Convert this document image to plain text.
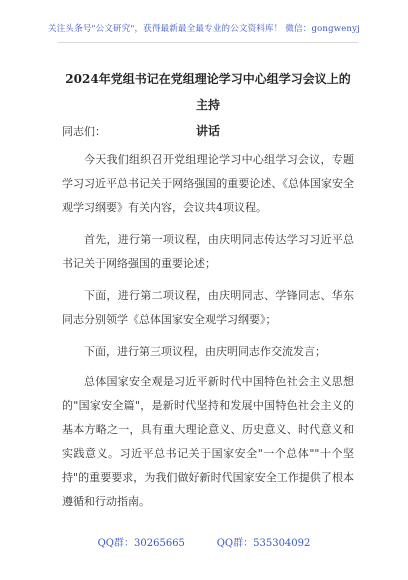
关注头条号"公文研究"，获得最新最全最专业的公文资料库！ 微信：gongwenyj
2024年党组书记在党组理论学习中心组学习会议上的主持
讲话

同志们：

今天我们组织召开党组理论学习中心组学习会议，专题学习习近平总书记关于网络强国的重要论述、《总体国家安全观学习纲要》有关内容，会议共4项议程。

首先，进行第一项议程，由庆明同志传达学习习近平总书记关于网络强国的重要论述；

下面，进行第二项议程，由庆明同志、学锋同志、华东同志分别领学《总体国家安全观学习纲要》；

下面，进行第三项议程，由庆明同志作交流发言；

总体国家安全观是习近平新时代中国特色社会主义思想的"国家安全篇"，是新时代坚持和发展中国特色社会主义的基本方略之一，具有重大理论意义、历史意义、时代意义和实践意义。习近平总书记关于国家安全"一个总体""十个坚持"的重要要求，为我们做好新时代国家安全工作提供了根本遵循和行动指南。

QQ群：30265665	QQ群：535304092
